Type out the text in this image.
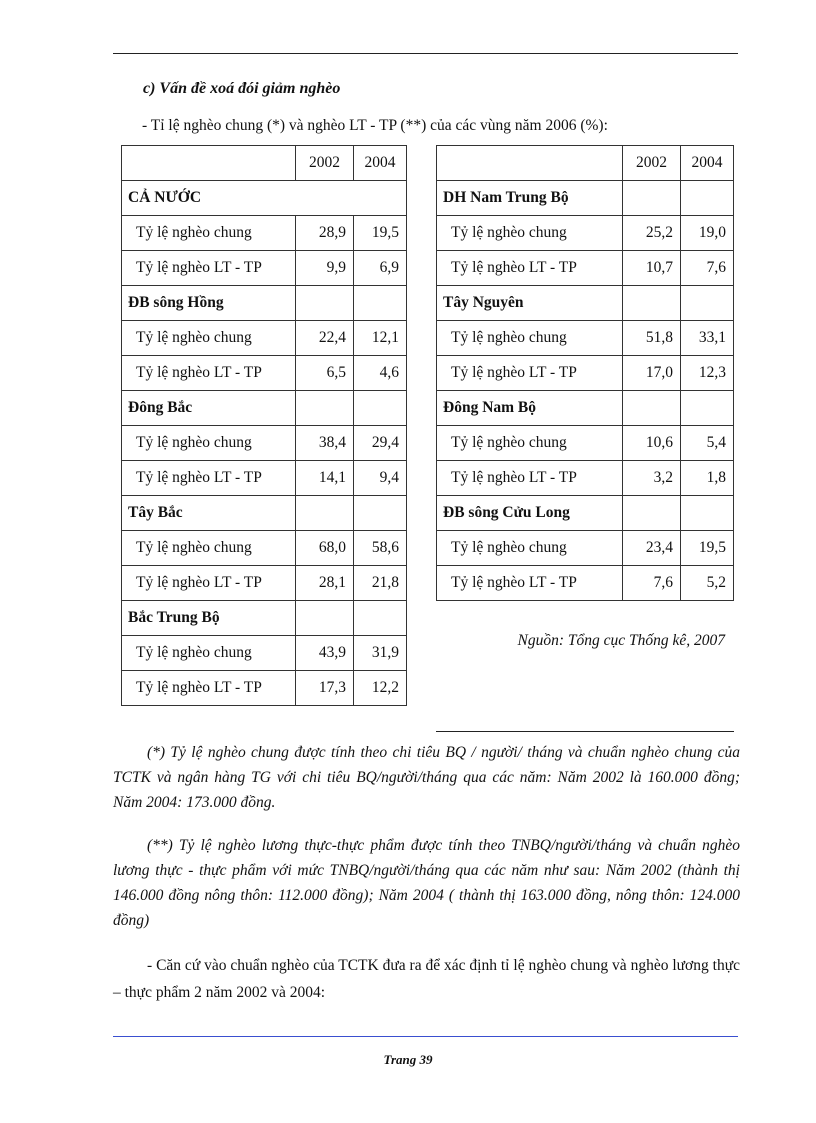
c) Vấn đề xoá đói giảm nghèo
- Tỉ lệ nghèo chung (*) và nghèo LT - TP (**) của các vùng năm 2006 (%):
	2002	2004
CẢ NƯỚC		
Tỷ lệ nghèo chung	28,9	19,5
Tỷ lệ nghèo LT - TP	9,9	6,9
ĐB sông Hồng		
Tỷ lệ nghèo chung	22,4	12,1
Tỷ lệ nghèo LT - TP	6,5	4,6
Đông Bắc		
Tỷ lệ nghèo chung	38,4	29,4
Tỷ lệ nghèo LT - TP	14,1	9,4
Tây Bắc		
Tỷ lệ nghèo chung	68,0	58,6
Tỷ lệ nghèo LT - TP	28,1	21,8
Bắc Trung Bộ		
Tỷ lệ nghèo chung	43,9	31,9
Tỷ lệ nghèo LT - TP	17,3	12,2
	2002	2004
DH Nam Trung Bộ		
Tỷ lệ nghèo chung	25,2	19,0
Tỷ lệ nghèo LT - TP	10,7	7,6
Tây Nguyên		
Tỷ lệ nghèo chung	51,8	33,1
Tỷ lệ nghèo LT - TP	17,0	12,3
Đông Nam Bộ		
Tỷ lệ nghèo chung	10,6	5,4
Tỷ lệ nghèo LT - TP	3,2	1,8
ĐB sông Cửu Long		
Tỷ lệ nghèo chung	23,4	19,5
Tỷ lệ nghèo LT - TP	7,6	5,2
Nguồn: Tổng cục Thống kê, 2007
(*) Tỷ lệ nghèo chung được tính theo chi tiêu BQ / người/ tháng và chuẩn nghèo chung của TCTK và ngân hàng TG với chi tiêu BQ/người/tháng qua các năm: Năm 2002 là 160.000 đồng; Năm 2004: 173.000 đồng.
(**) Tỷ lệ nghèo lương thực-thực phẩm được tính theo TNBQ/người/tháng và chuẩn nghèo lương thực - thực phẩm với mức TNBQ/người/tháng qua các năm như sau: Năm 2002 (thành thị 146.000 đồng nông thôn: 112.000 đồng); Năm 2004 ( thành thị 163.000 đồng, nông thôn: 124.000 đồng)
- Căn cứ vào chuẩn nghèo của TCTK đưa ra để xác định tỉ lệ nghèo chung và nghèo lương thực – thực phẩm 2 năm 2002 và 2004:
Trang 39
